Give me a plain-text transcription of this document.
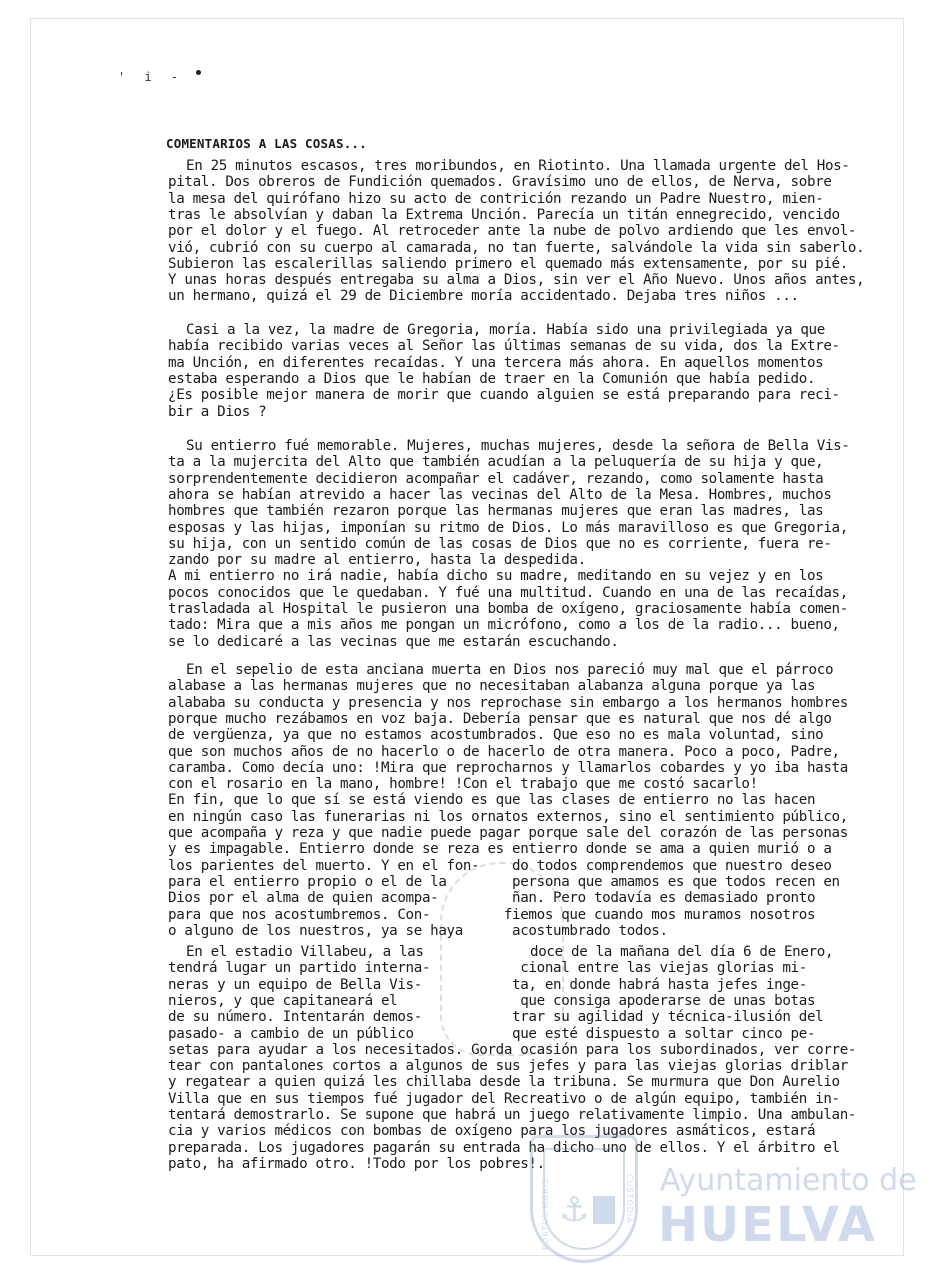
' i -
COMENTARIOS A LAS COSAS...
En 25 minutos escasos, tres moribundos, en Riotinto. Una llamada urgente del Hos-
pital. Dos obreros de Fundición quemados. Gravísimo uno de ellos, de Nerva, sobre
la mesa del quirófano hizo su acto de contrición rezando un Padre Nuestro, mien-
tras le absolvían y daban la Extrema Unción. Parecía un titán ennegrecido, vencido
por el dolor y el fuego. Al retroceder ante la nube de polvo ardiendo que les envol-
vió, cubrió con su cuerpo al camarada, no tan fuerte, salvándole la vida sin saberlo.
Subieron las escalerillas saliendo primero el quemado más extensamente, por su pié.
Y unas horas después entregaba su alma a Dios, sin ver el Año Nuevo. Unos años antes,
un hermano, quizá el 29 de Diciembre moría accidentado. Dejaba tres niños ...
Casi a la vez, la madre de Gregoria, moría. Había sido una privilegiada ya que
había recibido varias veces al Señor las últimas semanas de su vida, dos la Extre-
ma Unción, en diferentes recaídas. Y una tercera más ahora. En aquellos momentos
estaba esperando a Dios que le habían de traer en la Comunión que había pedido.
¿Es posible mejor manera de morir que cuando alguien se está preparando para reci-
bir a Dios ?
Su entierro fué memorable. Mujeres, muchas mujeres, desde la señora de Bella Vis-
ta a la mujercita del Alto que también acudían a la peluquería de su hija y que,
sorprendentemente decidieron acompañar el cadáver, rezando, como solamente hasta
ahora se habían atrevido a hacer las vecinas del Alto de la Mesa. Hombres, muchos
hombres que también rezaron porque las hermanas mujeres que eran las madres, las
esposas y las hijas, imponían su ritmo de Dios. Lo más maravilloso es que Gregoria,
su hija, con un sentido común de las cosas de Dios que no es corriente, fuera re-
zando por su madre al entierro, hasta la despedida.
A mi entierro no irá nadie, había dicho su madre, meditando en su vejez y en los
pocos conocidos que le quedaban. Y fué una multitud. Cuando en una de las recaídas,
trasladada al Hospital le pusieron una bomba de oxígeno, graciosamente había comen-
tado: Mira que a mis años me pongan un micrófono, como a los de la radio... bueno,
se lo dedicaré a las vecinas que me estarán escuchando.
En el sepelio de esta anciana muerta en Dios nos pareció muy mal que el párroco
alabase a las hermanas mujeres que no necesitaban alabanza alguna porque ya las
alababa su conducta y presencia y nos reprochase sin embargo a los hermanos hombres
porque mucho rezábamos en voz baja. Debería pensar que es natural que nos dé algo
de vergüenza, ya que no estamos acostumbrados. Que eso no es mala voluntad, sino
que son muchos años de no hacerlo o de hacerlo de otra manera. Poco a poco, Padre,
caramba. Como decía uno: !Mira que reprocharnos y llamarlos cobardes y yo iba hasta
con el rosario en la mano, hombre! !Con el trabajo que me costó sacarlo!
En fin, que lo que sí se está viendo es que las clases de entierro no las hacen
en ningún caso las funerarias ni los ornatos externos, sino el sentimiento público,
que acompaña y reza y que nadie puede pagar porque sale del corazón de las personas
y es impagable. Entierro donde se reza es entierro donde se ama a quien murió o a
los parientes del muerto. Y en el fon-    do todos comprendemos que nuestro deseo
para el entierro propio o el de la        persona que amamos es que todos recen en
Dios por el alma de quien acompa-         ñan. Pero todavía es demasiado pronto
para que nos acostumbremos. Con-         fiemos que cuando mos muramos nosotros
o alguno de los nuestros, ya se haya      acostumbrado todos.
En el estadio Villabeu, a las             doce de la mañana del día 6 de Enero,
tendrá lugar un partido interna-           cional entre las viejas glorias mi-
neras y un equipo de Bella Vis-           ta, en donde habrá hasta jefes inge-
nieros, y que capitaneará el               que consiga apoderarse de unas botas
de su número. Intentarán demos-           trar su agilidad y técnica-ilusión del
pasado- a cambio de un público            que esté dispuesto a soltar cinco pe-
setas para ayudar a los necesitados. Gorda ocasión para los subordinados, ver corre-
tear con pantalones cortos a algunos de sus jefes y para las viejas glorias driblar
y regatear a quien quizá les chillaba desde la tribuna. Se murmura que Don Aurelio
Villa que en sus tiempos fué jugador del Recreativo o de algún equipo, también in-
tentará demostrarlo. Se supone que habrá un juego relativamente limpio. Una ambulan-
cia y varios médicos con bombas de oxígeno para los jugadores asmáticos, estará
preparada. Los jugadores pagarán su entrada ha dicho uno de ellos. Y el árbitro el
pato, ha afirmado otro. !Todo por los pobres!.
⚓
PORTUS MARIS	CUSTODIA Ayuntamiento de
HUELVA
